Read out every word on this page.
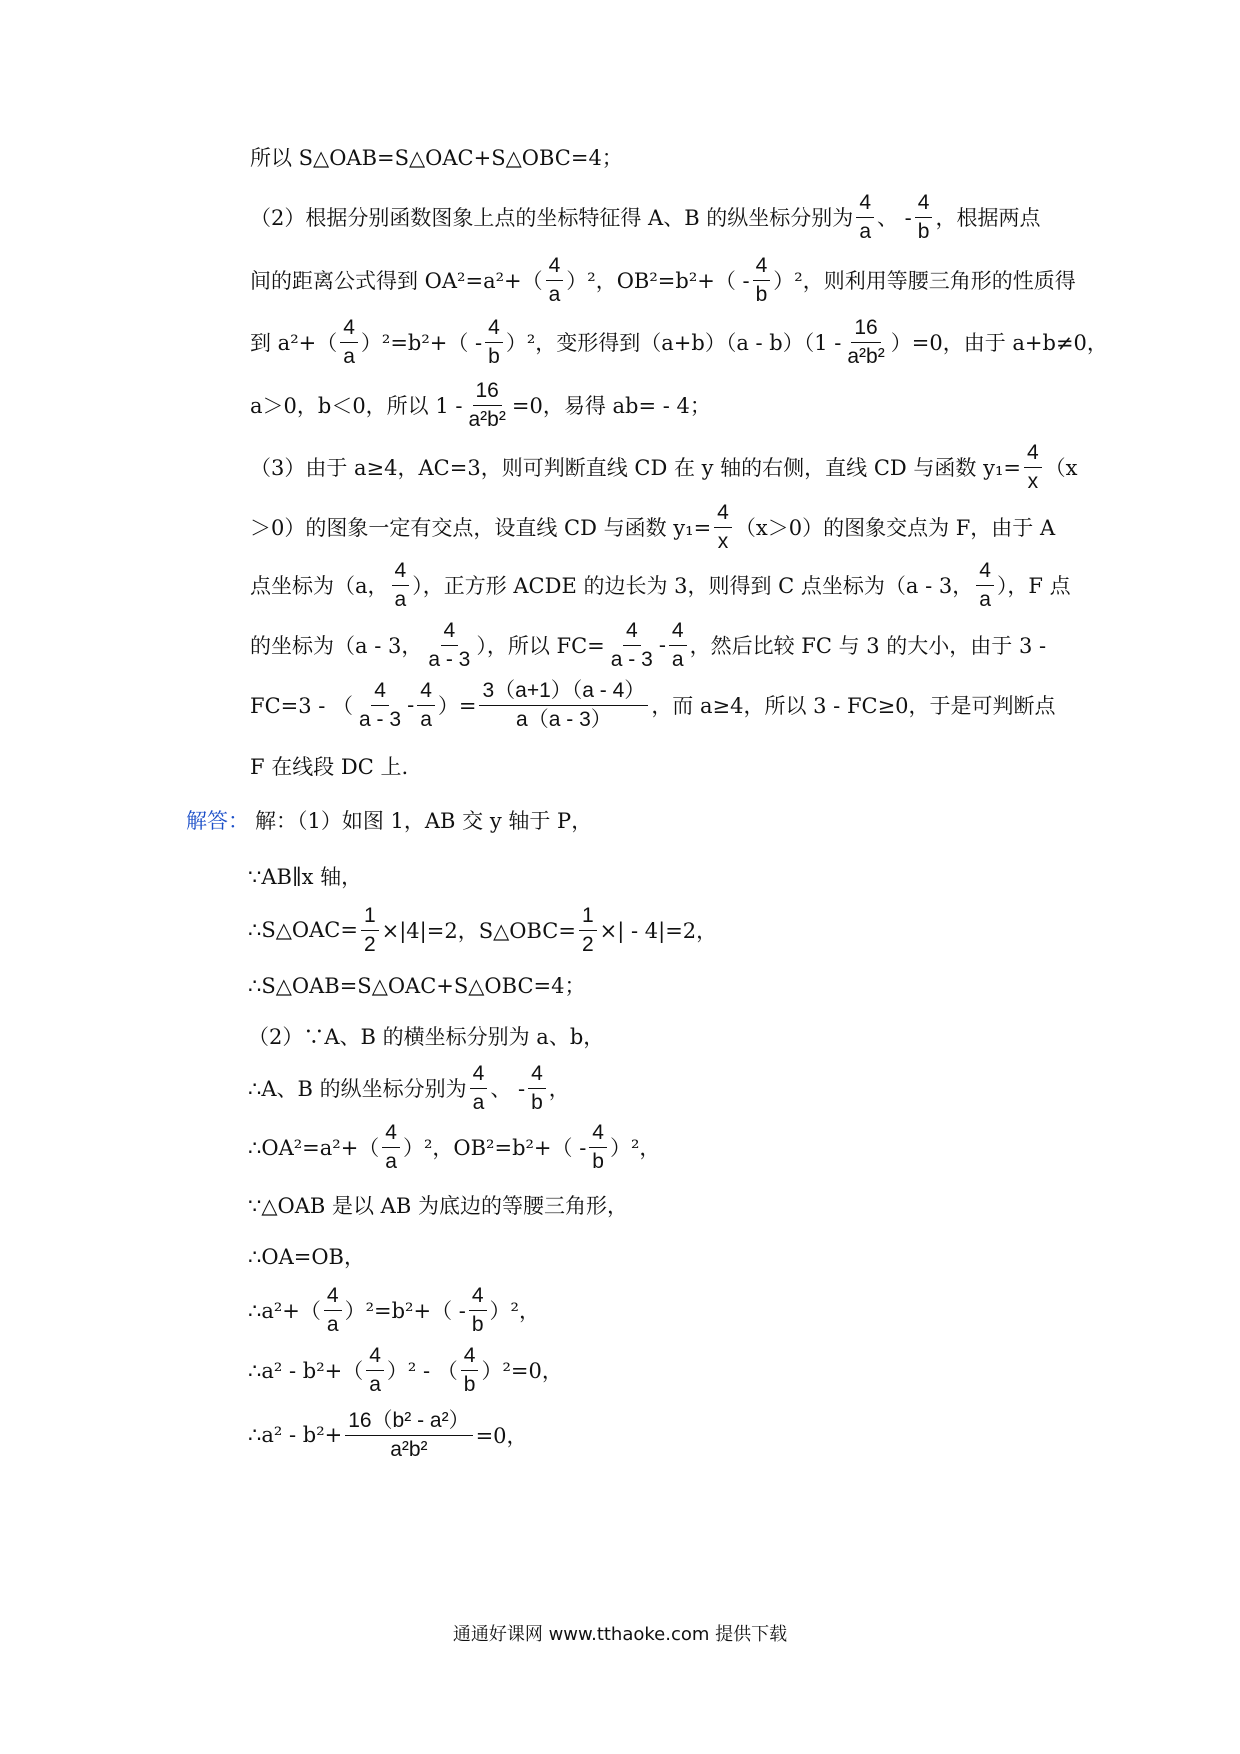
所以 S△OAB=S△OAC+S△OBC=4；
（2）根据分别函数图象上点的坐标特征得 A、B 的纵坐标分别为 $\frac{4}{a}$ 、 - $\frac{4}{b}$ ，根据两点
间的距离公式得到 $OA^2=a^2+( \frac{4}{a} )^2$，$OB^2=b^2+( - \frac{4}{b} )^2$，则利用等腰三角形的性质得
到 $a^2+( \frac{4}{a} )^2=b^2+( - \frac{4}{b} )^2$，变形得到$(a+b)(a - b)(1 - \frac{16}{\text{a²b²}} )=0$，由于 a+b≠0，
a＞0，b＜0，所以 $1 - \frac{16}{\text{a²b²}} =0$，易得 ab= - 4；
（3）由于 a≥4，AC=3，则可判断直线 CD 在 y 轴的右侧，直线 CD 与函数 $y_1= \frac{4}{x} (x$
＞0）的图象一定有交点，设直线 CD 与函数 $y_1= \frac{4}{x} (x>0)$的图象交点为 F，由于 A
点坐标为（a， $\frac{4}{a}$ ），正方形 ACDE 的边长为 3，则得到 C 点坐标为（a - 3， $\frac{4}{a}$ ），F 点
的坐标为（a - 3， $\frac{4}{a - 3}$ ），所以 $FC= \frac{4}{a - 3} - \frac{4}{a}$ ，然后比较 FC 与 3 的大小，由于 3 -
FC=3 - （ $\frac{4}{a - 3} - \frac{4}{a}$ ）= $\frac{3(a+1)(a - 4)}{a(a - 3)}$ ，而 a≥4，所以 3 - FC≥0，于是可判断点
F 在线段 DC 上.
解答： 解：（1）如图 1，AB 交 y 轴于 P，
∵AB∥x 轴，
∴S△OAC= $\frac{1}{2} \times|4|=2$，S△OBC= $\frac{1}{2}$ ×| - 4|=2，
∴S△OAB=S△OAC+S△OBC=4；
（2）∵A、B 的横坐标分别为 a、b，
∴A、B 的纵坐标分别为 $\frac{4}{a}$ 、 - $\frac{4}{b}$ ，
∴OA²=a²+（ $\frac{4}{a} )^2$，$OB^2=b^2+( - \frac{4}{b} )^2$，
∵△OAB 是以 AB 为底边的等腰三角形，
∴OA=OB，
∴a²+（ $\frac{4}{a} )^2=b^2+( - \frac{4}{b} )^2$，
∴a² - $b^2+( \frac{4}{a} )^2$ - （ $\frac{4}{b} )^2=0$，
∴a² - $b^2+ \frac{\text{16（b² - a²）}}{\text{a²b²}} =0$，
通通好课网 www.tthaoke.com 提供下载
